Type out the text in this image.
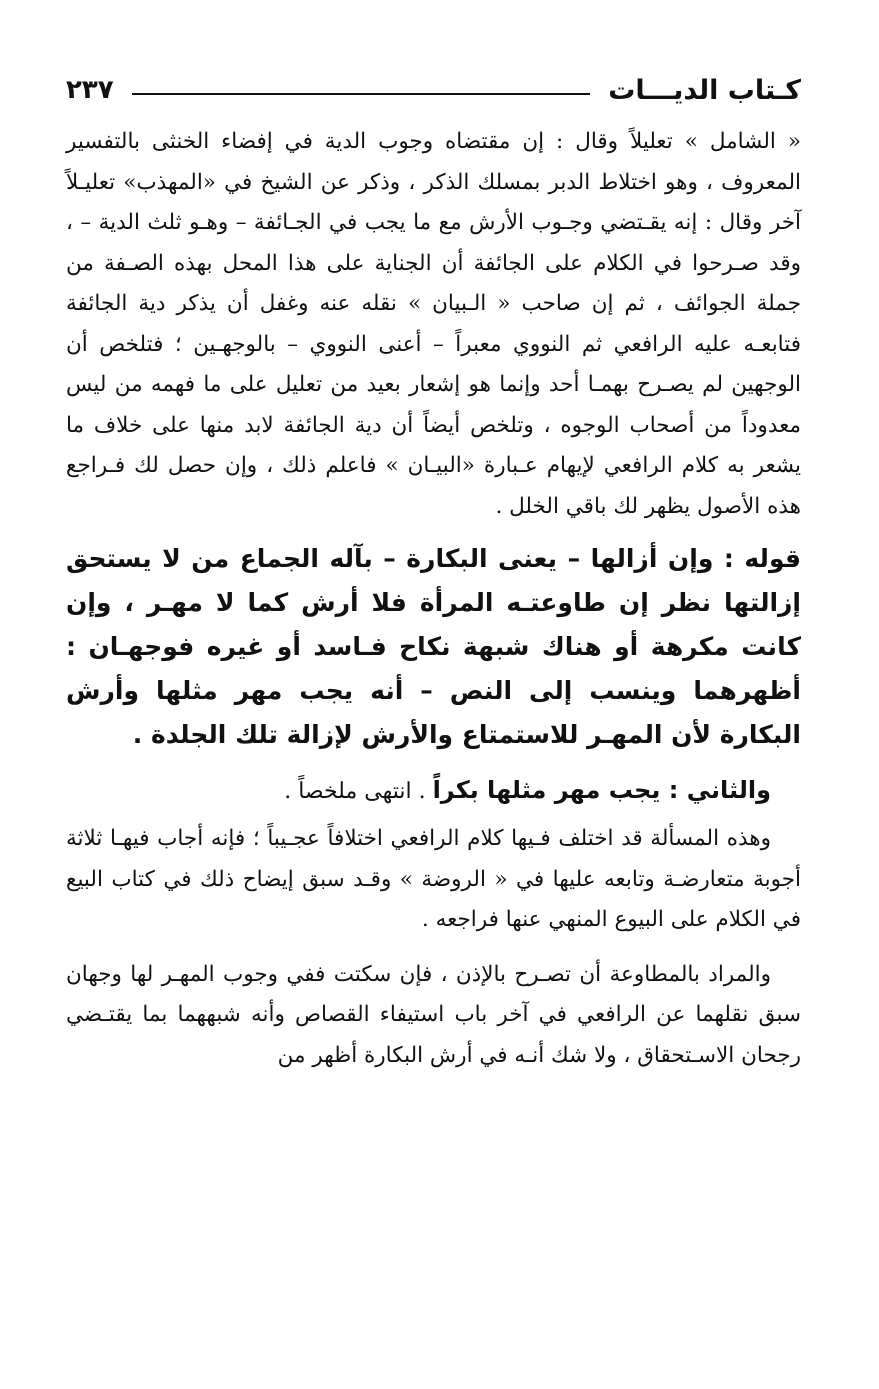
كـتاب الديـــات
٢٣٧

« الشامل » تعليلاً وقال : إن مقتضاه وجوب الدية في إفضاء الخنثى بالتفسير المعروف ، وهو اختلاط الدبر بمسلك الذكر ، وذكر عن الشيخ في «المهذب» تعليـلاً آخر وقال : إنه يقـتضي وجـوب الأرش مع ما يجب في الجـائفة – وهـو ثلث الدية – ، وقد صـرحوا في الكلام على الجائفة أن الجناية على هذا المحل بهذه الصـفة من جملة الجوائف ، ثم إن صاحب « الـبيان » نقله عنه وغفل أن يذكر دية الجائفة فتابعـه عليه الرافعي ثم النووي معبراً – أعنى النووي – بالوجهـين ؛ فتلخص أن الوجهين لم يصـرح بهمـا أحد وإنما هو إشعار بعيد من تعليل على ما فهمه من ليس معدوداً من أصحاب الوجوه ، وتلخص أيضاً أن دية الجائفة لابد منها على خلاف ما يشعر به كلام الرافعي لإيهام عـبارة «البيـان » فاعلم ذلك ، وإن حصل لك فـراجع هذه الأصول يظهر لك باقي الخلل .

قوله : وإن أزالها – يعنى البكارة – بآله الجماع من لا يستحق إزالتها نظر إن طاوعتـه المرأة فلا أرش كما لا مهـر ، وإن كانت مكرهة أو هناك شبهة نكاح فـاسد أو غيره فوجهـان : أظهرهما وينسب إلى النص – أنه يجب مهر مثلها وأرش البكارة لأن المهـر للاستمتاع والأرش لإزالة تلك الجلدة .

والثاني : يجب مهر مثلها بكراً . انتهى ملخصاً .

وهذه المسألة قد اختلف فـيها كلام الرافعي اختلافاً عجـيباً ؛ فإنه أجاب فيهـا ثلاثة أجوبة متعارضـة وتابعه عليها في « الروضة » وقـد سبق إيضاح ذلك في كتاب البيع في الكلام على البيوع المنهي عنها فراجعه .

والمراد بالمطاوعة أن تصـرح بالإذن ، فإن سكتت ففي وجوب المهـر لها وجهان سبق نقلهما عن الرافعي في آخر باب استيفاء القصاص وأنه شبههما بما يقتـضي رجحان الاسـتحقاق ، ولا شك أنـه في أرش البكارة أظهر من
